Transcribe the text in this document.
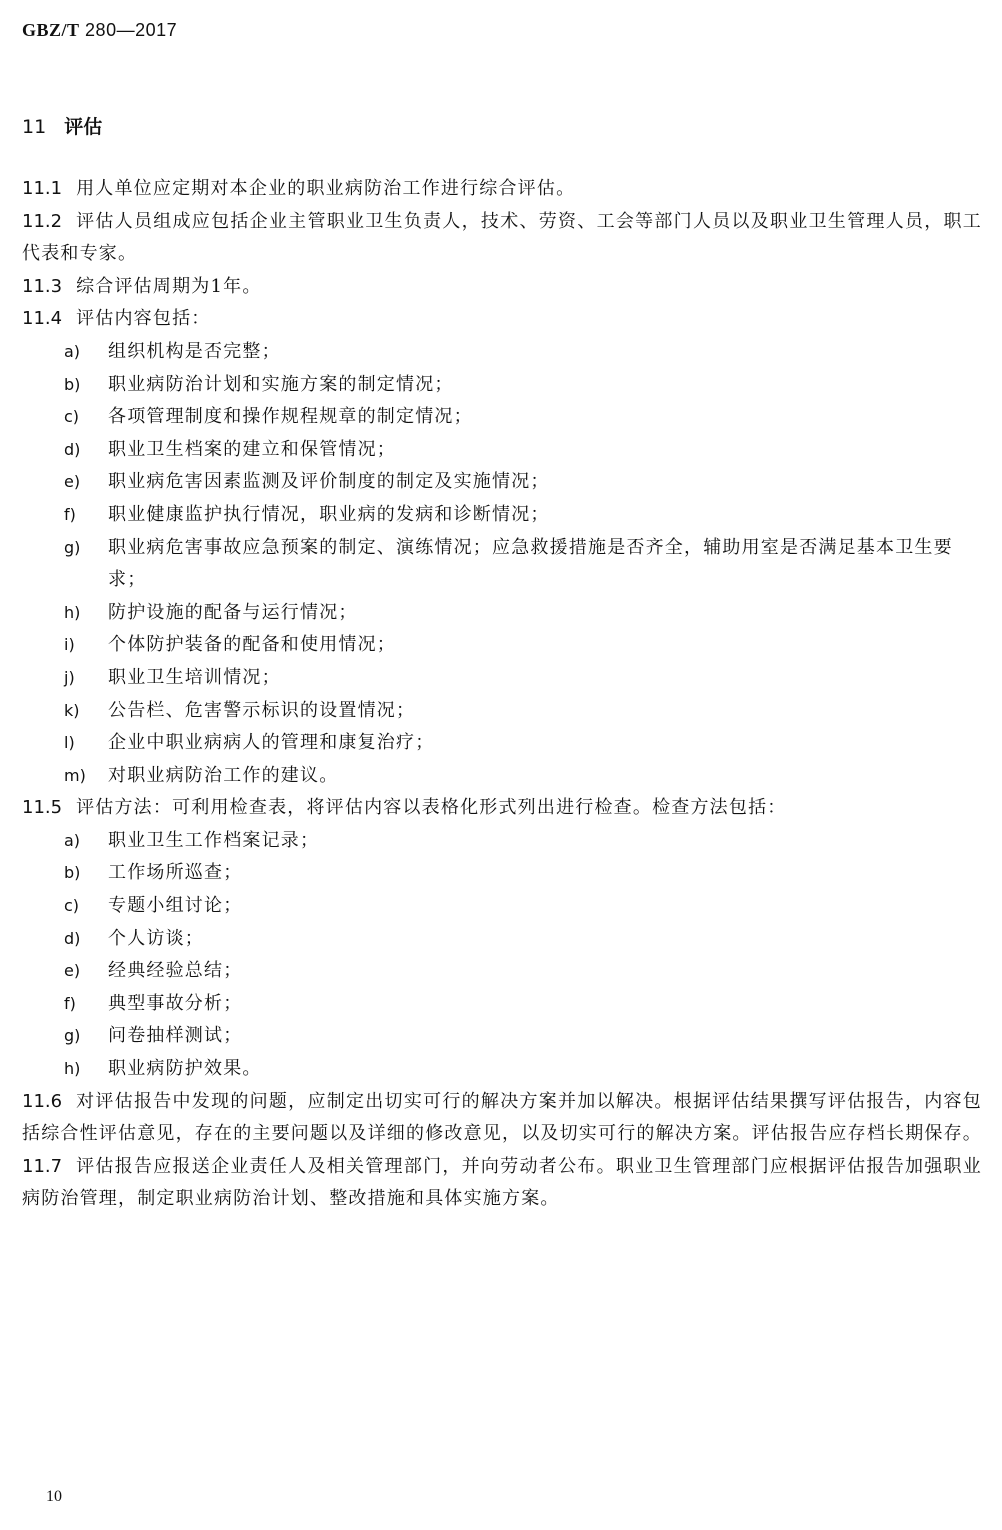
GBZ/T 280—2017
11 评估

11.1 用人单位应定期对本企业的职业病防治工作进行综合评估。

11.2 评估人员组成应包括企业主管职业卫生负责人，技术、劳资、工会等部门人员以及职业卫生管理人员，职工代表和专家。

11.3 综合评估周期为1年。

11.4 评估内容包括：

a)	组织机构是否完整；
b)	职业病防治计划和实施方案的制定情况；
c)	各项管理制度和操作规程规章的制定情况；
d)	职业卫生档案的建立和保管情况；
e)	职业病危害因素监测及评价制度的制定及实施情况；
f)	职业健康监护执行情况，职业病的发病和诊断情况；
g)	职业病危害事故应急预案的制定、演练情况；应急救援措施是否齐全，辅助用室是否满足基本卫生要求；
h)	防护设施的配备与运行情况；
i)	个体防护装备的配备和使用情况；
j)	职业卫生培训情况；
k)	公告栏、危害警示标识的设置情况；
l)	企业中职业病病人的管理和康复治疗；
m)	对职业病防治工作的建议。

11.5 评估方法：可利用检查表，将评估内容以表格化形式列出进行检查。检查方法包括：

a)	职业卫生工作档案记录；
b)	工作场所巡查；
c)	专题小组讨论；
d)	个人访谈；
e)	经典经验总结；
f)	典型事故分析；
g)	问卷抽样测试；
h)	职业病防护效果。

11.6 对评估报告中发现的问题，应制定出切实可行的解决方案并加以解决。根据评估结果撰写评估报告，内容包括综合性评估意见，存在的主要问题以及详细的修改意见，以及切实可行的解决方案。评估报告应存档长期保存。

11.7 评估报告应报送企业责任人及相关管理部门，并向劳动者公布。职业卫生管理部门应根据评估报告加强职业病防治管理，制定职业病防治计划、整改措施和具体实施方案。

10
